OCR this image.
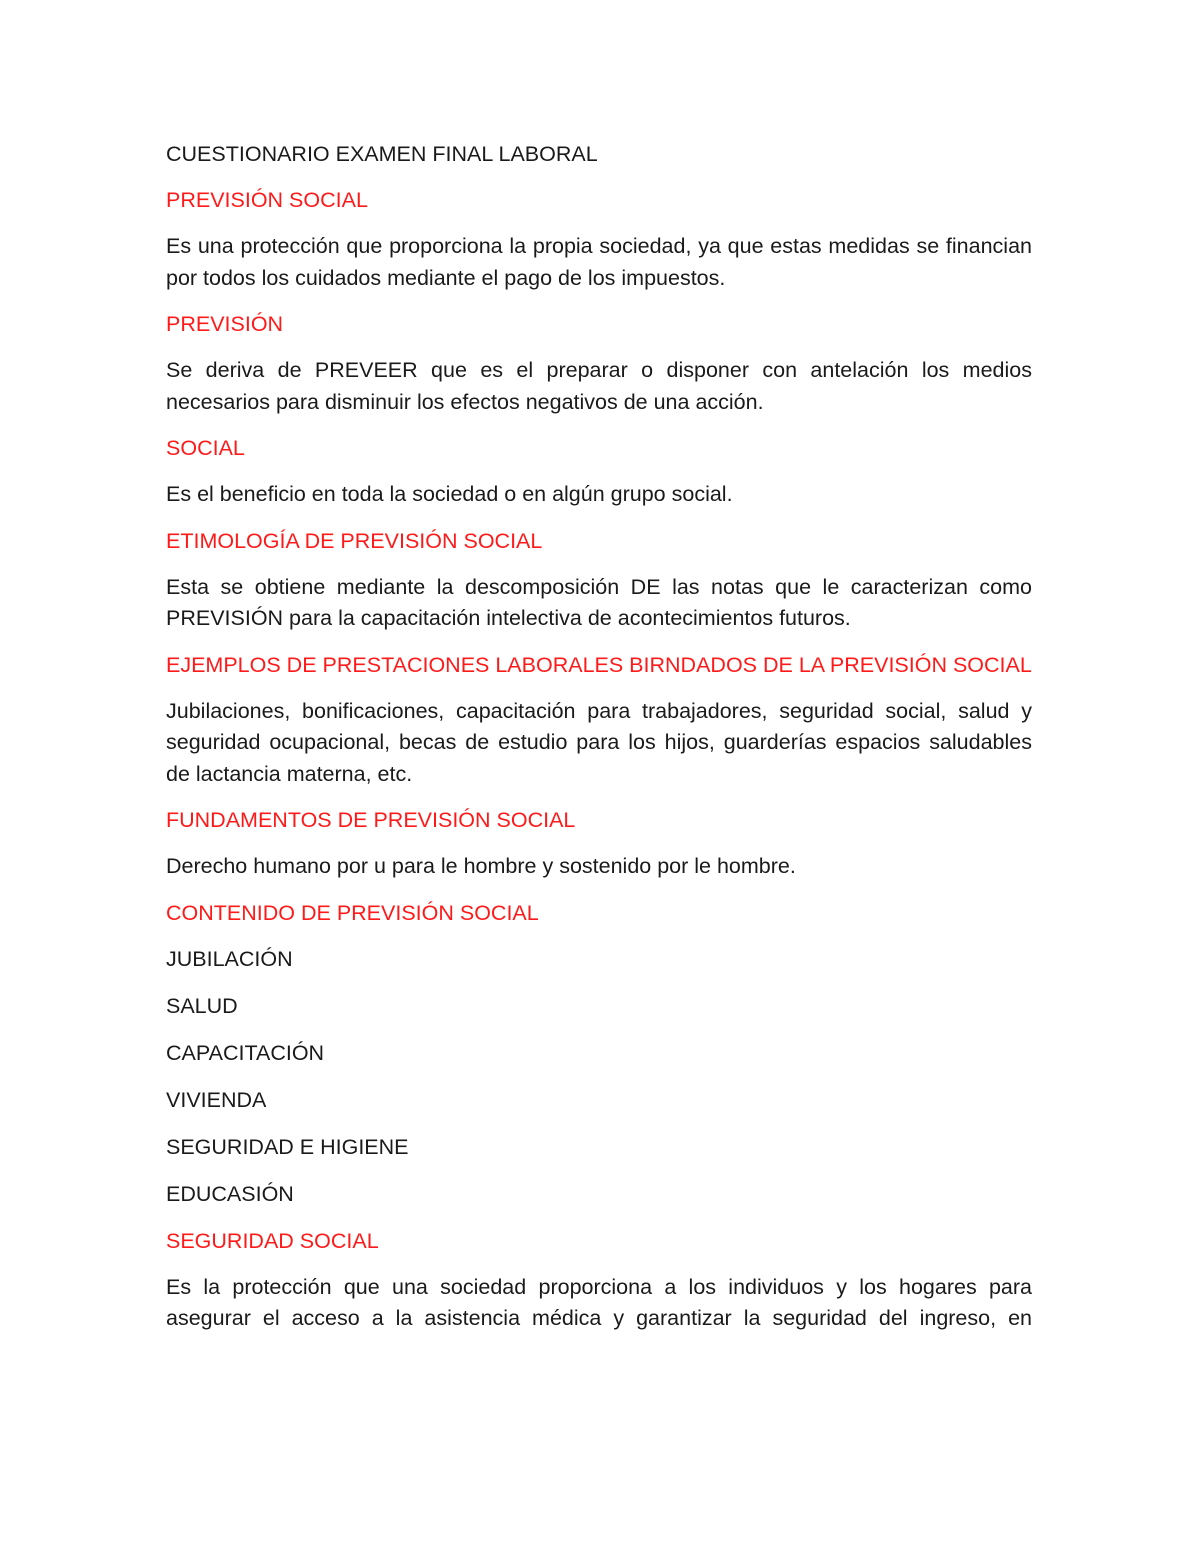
CUESTIONARIO EXAMEN FINAL LABORAL
PREVISIÓN SOCIAL
Es una protección que proporciona la propia sociedad, ya que estas medidas se financian por todos los cuidados mediante el pago de los impuestos.
PREVISIÓN
Se deriva de PREVEER que es el preparar o disponer con antelación los medios necesarios para disminuir los efectos negativos de una acción.
SOCIAL
Es el beneficio en toda la sociedad o en algún grupo social.
ETIMOLOGÍA DE PREVISIÓN SOCIAL
Esta se obtiene mediante la descomposición DE las notas que le caracterizan como PREVISIÓN para la capacitación intelectiva de acontecimientos futuros.
EJEMPLOS DE PRESTACIONES LABORALES BIRNDADOS DE LA PREVISIÓN SOCIAL
Jubilaciones, bonificaciones, capacitación para trabajadores, seguridad social, salud y seguridad ocupacional, becas de estudio para los hijos, guarderías espacios saludables de lactancia materna, etc.
FUNDAMENTOS DE PREVISIÓN SOCIAL
Derecho humano por u para le hombre y sostenido por le hombre.
CONTENIDO DE PREVISIÓN SOCIAL
JUBILACIÓN
SALUD
CAPACITACIÓN
VIVIENDA
SEGURIDAD E HIGIENE
EDUCASIÓN
SEGURIDAD SOCIAL
Es la protección que una sociedad proporciona a los individuos y los hogares para asegurar el acceso a la asistencia médica y garantizar la seguridad del ingreso, en
